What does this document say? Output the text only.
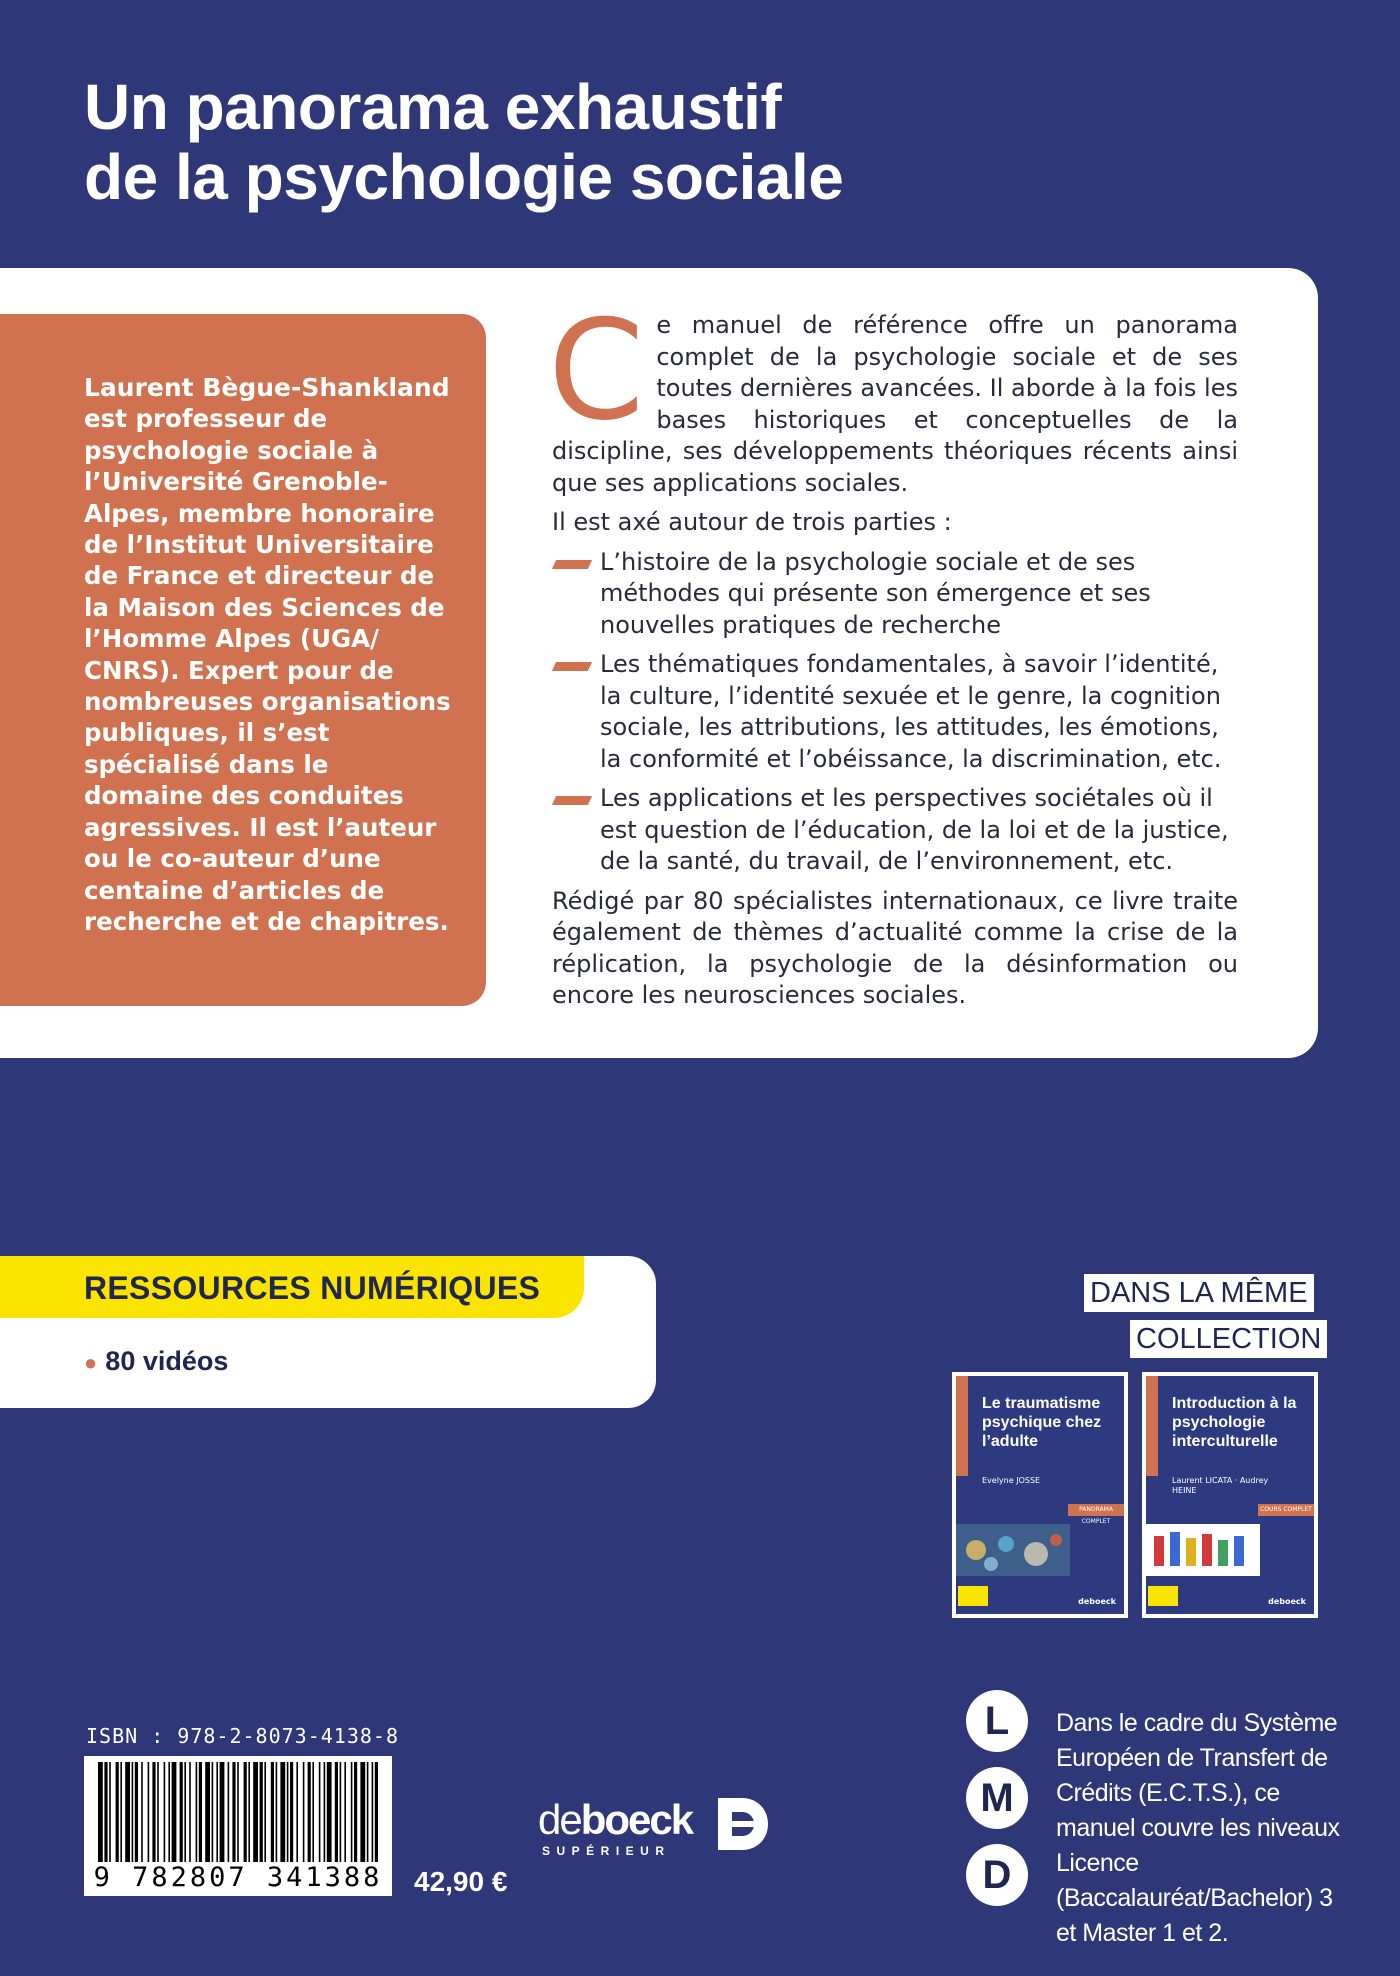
Un panorama exhaustif
de la psychologie sociale
Laurent Bègue-Shankland
est professeur de psychologie sociale à l’Université Grenoble-Alpes, membre honoraire de l’Institut Universitaire de France et directeur de la Maison des Sciences de l’Homme Alpes (UGA/ CNRS). Expert pour de nombreuses organisations publiques, il s’est spécialisé dans le domaine des conduites agressives. Il est l’auteur ou le co-auteur d’une centaine d’articles de recherche et de chapitres.

Ce manuel de référence offre un panorama complet de la psychologie sociale et de ses toutes dernières avancées. Il aborde à la fois les bases historiques et conceptuelles de la discipline, ses développements théoriques récents ainsi que ses applications sociales.

Il est axé autour de trois parties :

L’histoire de la psychologie sociale et de ses méthodes qui présente son émergence et ses nouvelles pratiques de recherche
Les thématiques fondamentales, à savoir l’identité, la culture, l’identité sexuée et le genre, la cognition sociale, les attributions, les attitudes, les émotions, la conformité et l’obéissance, la discrimination, etc.
Les applications et les perspectives sociétales où il est question de l’éducation, de la loi et de la justice, de la santé, du travail, de l’environnement, etc.

Rédigé par 80 spécialistes internationaux, ce livre traite également de thèmes d’actualité comme la crise de la réplication, la psychologie de la désinformation ou encore les neurosciences sociales.

RESSOURCES NUMÉRIQUES
● 80 vidéos
DANS LA MÊME
COLLECTION
Le traumatisme psychique chez l’adulte
Evelyne JOSSE
PANORAMA COMPLET
deboeck
Introduction à la psychologie interculturelle
Laurent LICATA · Audrey HEINE
COURS COMPLET
deboeck
L
M
D
Dans le cadre du Système Européen de Transfert de Crédits (E.C.T.S.), ce manuel couvre les niveaux Licence (Baccalauréat/Bachelor) 3 et Master 1 et 2.
ISBN : 978-2-8073-4138-8
9 782807 341388	42,90 €
deboeck
SUPÉRIEUR
